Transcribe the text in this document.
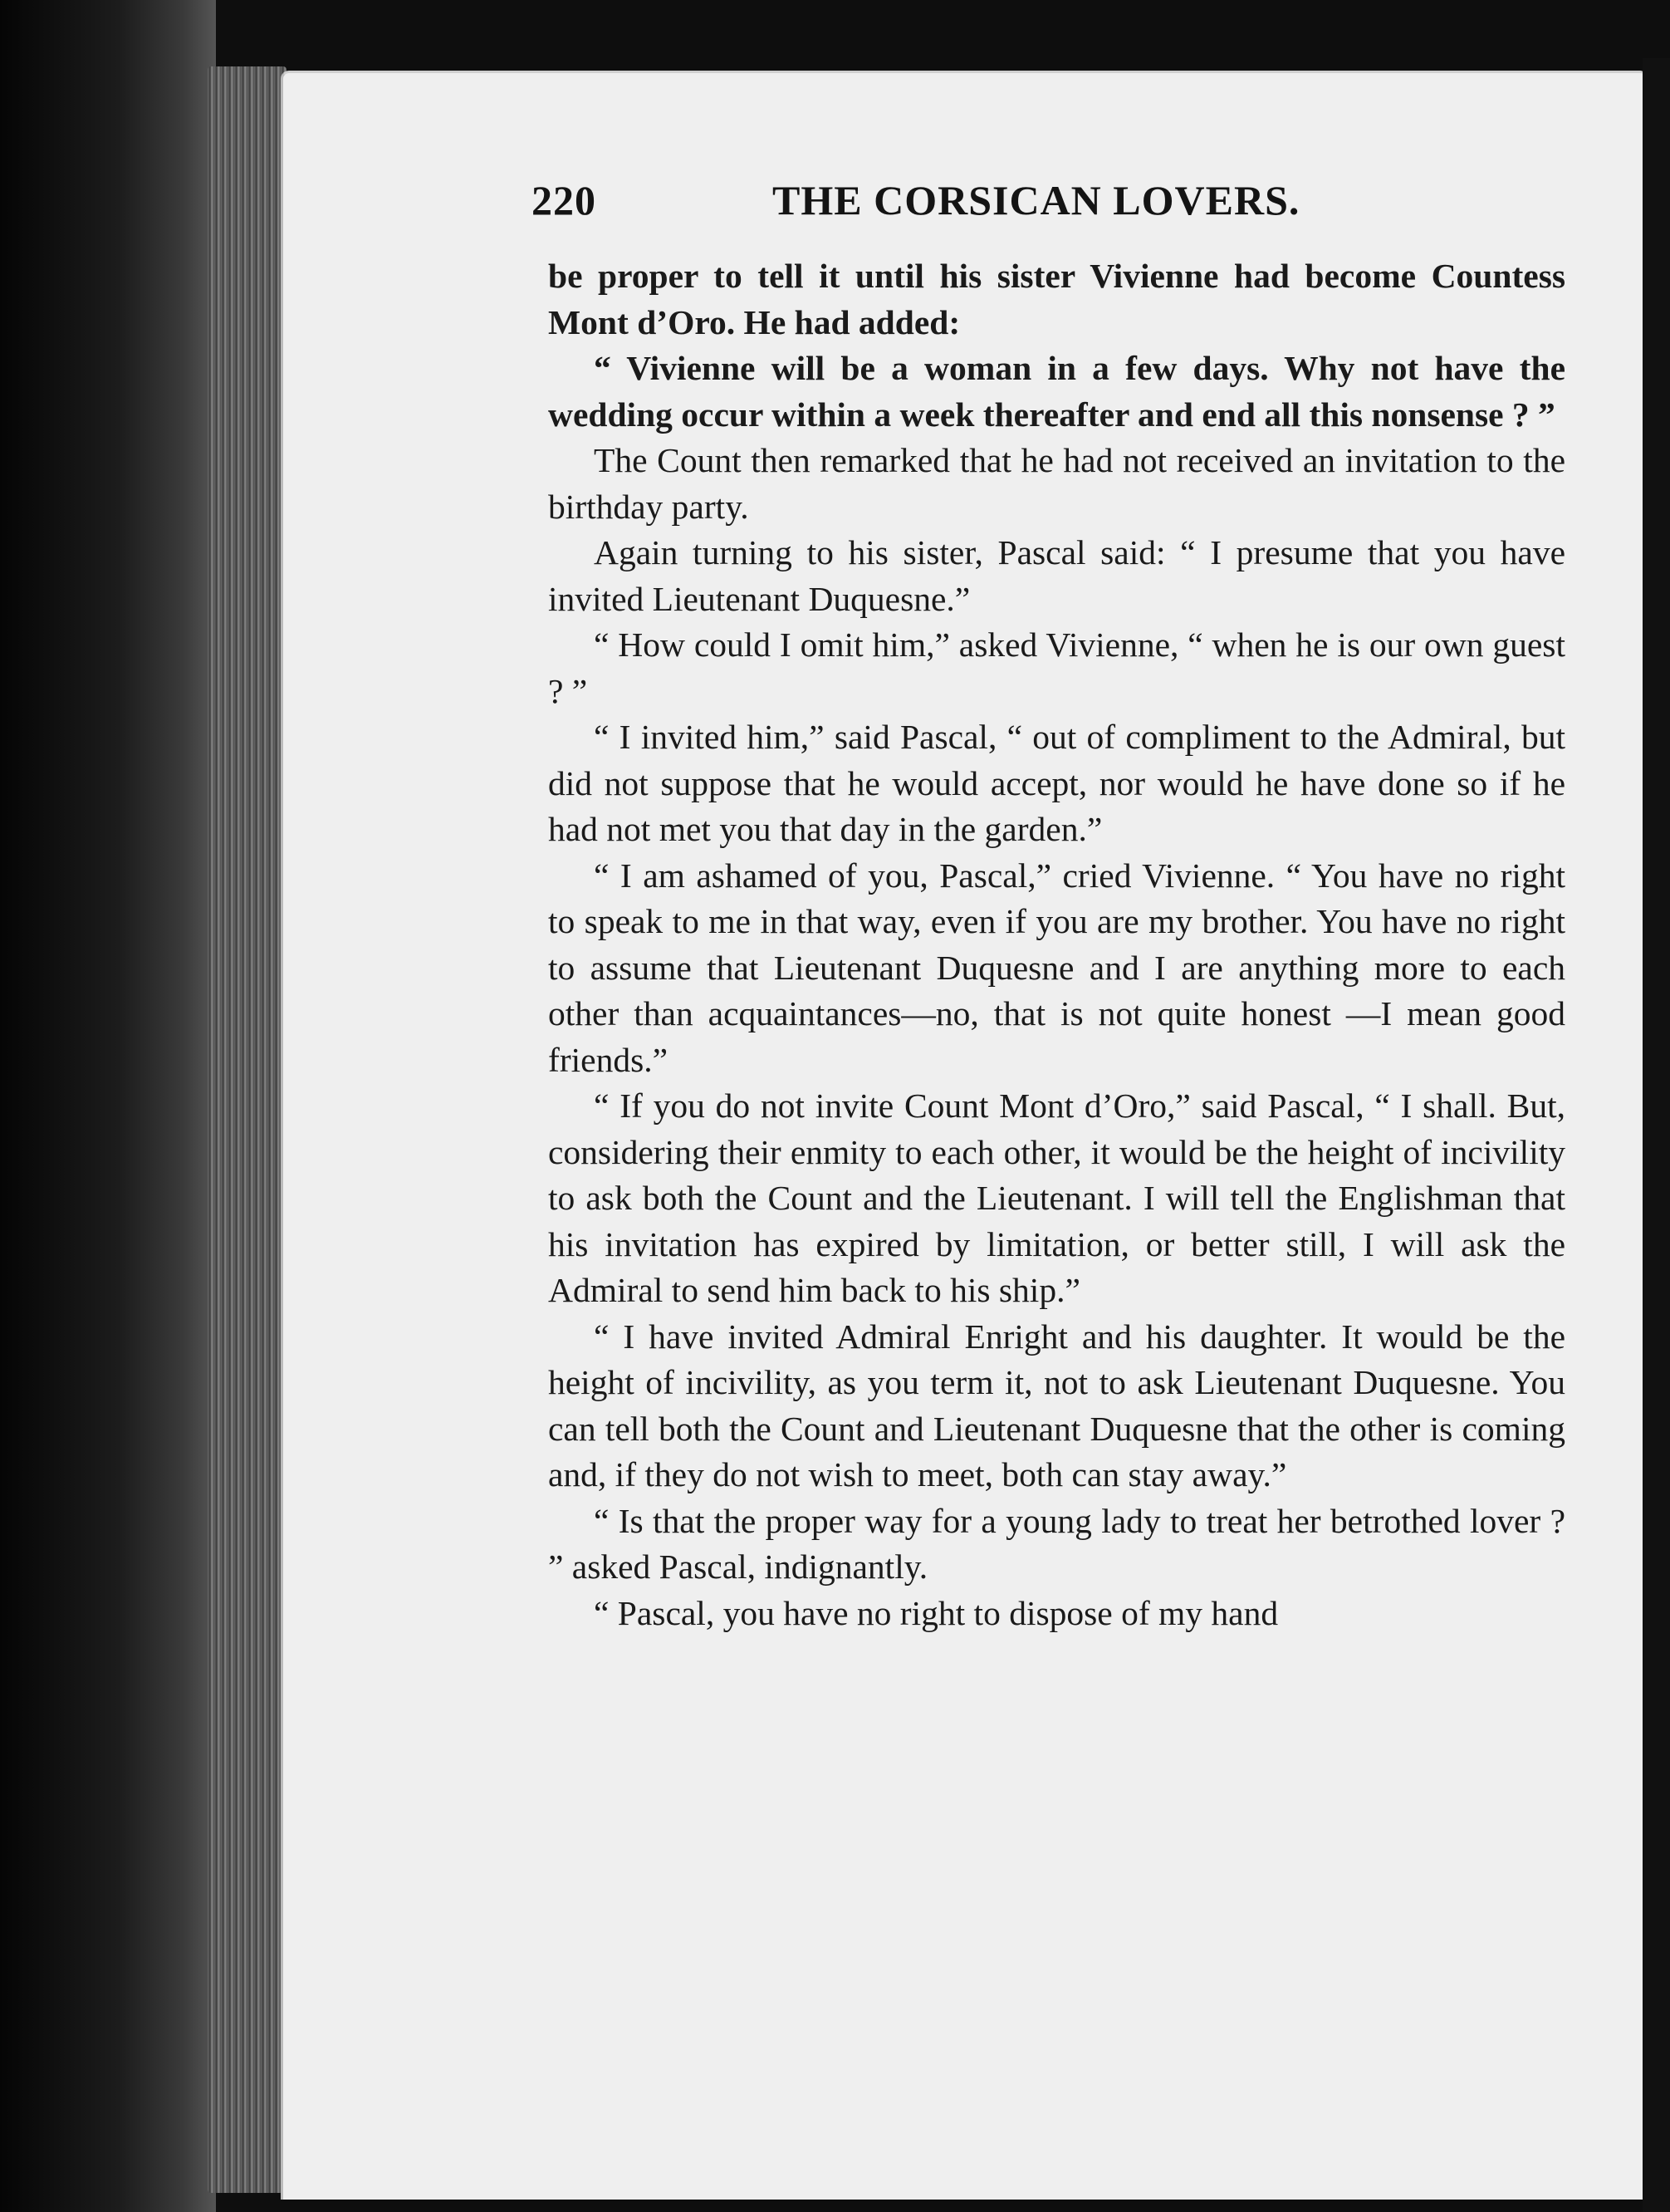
220	THE CORSICAN LOVERS.

be proper to tell it until his sister Vivienne had become Countess Mont d’Oro. He had added:

“ Vivienne will be a woman in a few days. Why not have the wedding occur within a week thereafter and end all this nonsense ? ”

The Count then remarked that he had not received an invitation to the birthday party.

Again turning to his sister, Pascal said: “ I presume that you have invited Lieutenant Duquesne.”

“ How could I omit him,” asked Vivienne, “ when he is our own guest ? ”

“ I invited him,” said Pascal, “ out of compliment to the Admiral, but did not suppose that he would accept, nor would he have done so if he had not met you that day in the garden.”

“ I am ashamed of you, Pascal,” cried Vivienne. “ You have no right to speak to me in that way, even if you are my brother. You have no right to assume that Lieutenant Duquesne and I are anything more to each other than acquaintances—no, that is not quite honest —I mean good friends.”

“ If you do not invite Count Mont d’Oro,” said Pascal, “ I shall. But, considering their enmity to each other, it would be the height of incivility to ask both the Count and the Lieutenant. I will tell the Englishman that his invitation has expired by limitation, or better still, I will ask the Admiral to send him back to his ship.”

“ I have invited Admiral Enright and his daughter. It would be the height of incivility, as you term it, not to ask Lieutenant Duquesne. You can tell both the Count and Lieutenant Duquesne that the other is coming and, if they do not wish to meet, both can stay away.”

“ Is that the proper way for a young lady to treat her betrothed lover ? ” asked Pascal, indignantly.

“ Pascal, you have no right to dispose of my hand
